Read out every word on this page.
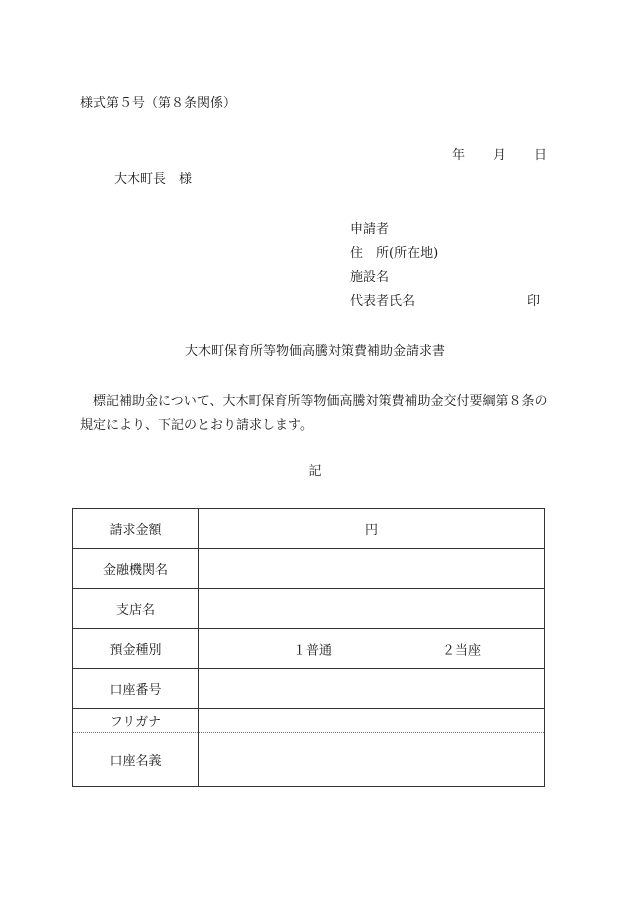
様式第５号（第８条関係）
年 月 日
大木町長　様
申請者
住　所(所在地)
施設名
代表者氏名	印
大木町保育所等物価高騰対策費補助金請求書
標記補助金について、大木町保育所等物価高騰対策費補助金交付要綱第８条の規定により、下記のとおり請求します。
記
請求金額	円
金融機関名	
支店名	
預金種別	１普通 ２当座

口座番号	
フリガナ	
口座名義	
